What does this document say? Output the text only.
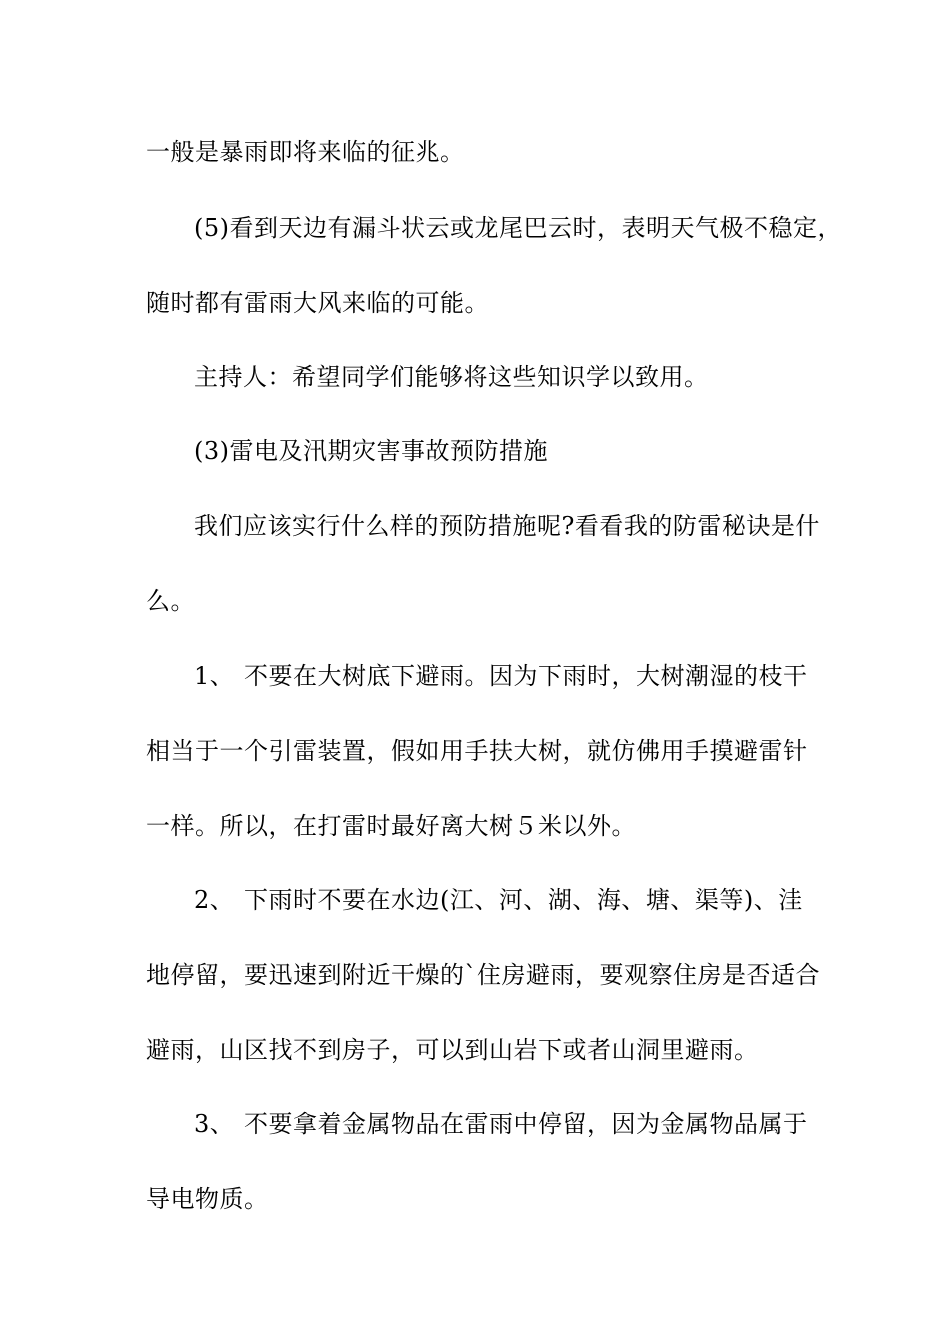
一般是暴雨即将来临的征兆。
(5)看到天边有漏斗状云或龙尾巴云时，表明天气极不稳定，
随时都有雷雨大风来临的可能。
主持人：希望同学们能够将这些知识学以致用。
(3)雷电及汛期灾害事故预防措施
我们应该实行什么样的预防措施呢?看看我的防雷秘诀是什
么。
1、 不要在大树底下避雨。因为下雨时，大树潮湿的枝干
相当于一个引雷装置，假如用手扶大树，就仿佛用手摸避雷针
一样。所以，在打雷时最好离大树５米以外。
2、 下雨时不要在水边(江、河、湖、海、塘、渠等)、洼
地停留，要迅速到附近干燥的`住房避雨，要观察住房是否适合
避雨，山区找不到房子，可以到山岩下或者山洞里避雨。
3、 不要拿着金属物品在雷雨中停留，因为金属物品属于
导电物质。
